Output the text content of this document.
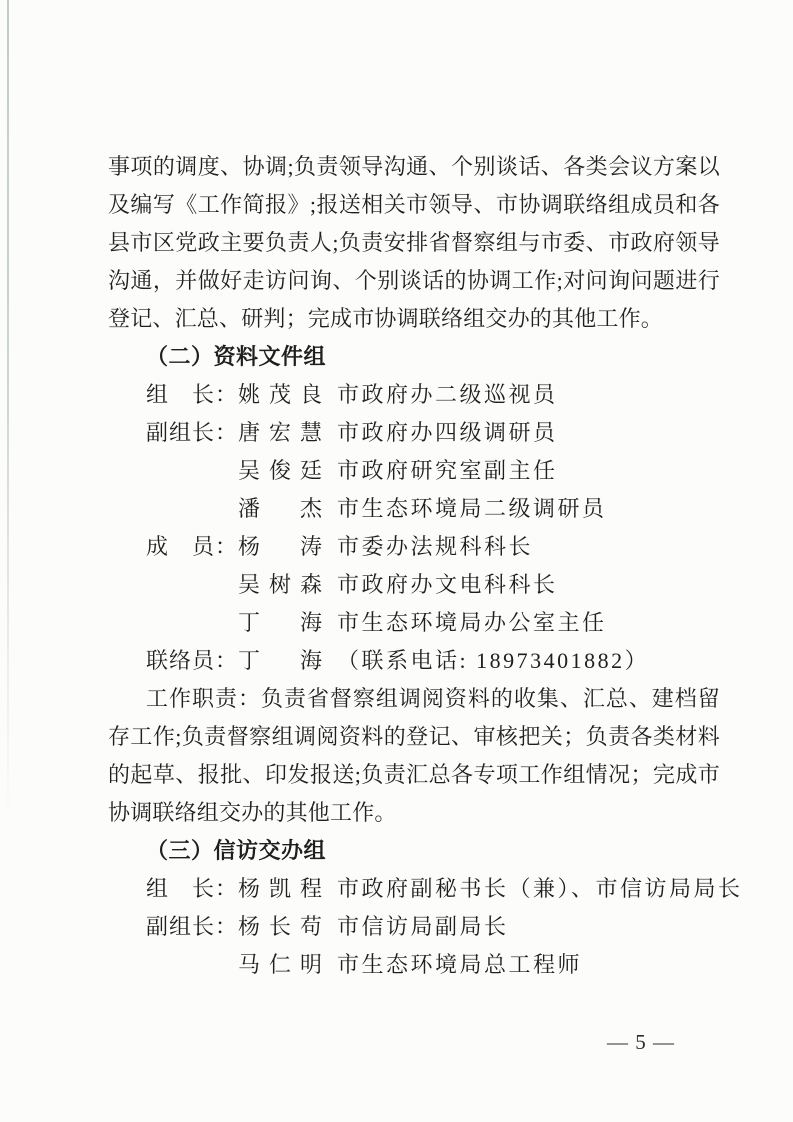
事项的调度、协调;负责领导沟通、个别谈话、各类会议方案以及编写《工作简报》;报送相关市领导、市协调联络组成员和各县市区党政主要负责人;负责安排省督察组与市委、市政府领导沟通，并做好走访问询、个别谈话的协调工作;对问询问题进行登记、汇总、研判；完成市协调联络组交办的其他工作。

（二）资料文件组
组　长： 姚茂良 市政府办二级巡视员
副组长： 唐宏慧 市政府办四级调研员
吴俊廷 市政府研究室副主任
潘　杰 市生态环境局二级调研员
成　员： 杨　涛 市委办法规科科长
吴树森 市政府办文电科科长
丁　海 市生态环境局办公室主任
联络员： 丁　海 （联系电话: 18973401882）

工作职责：负责省督察组调阅资料的收集、汇总、建档留存工作;负责督察组调阅资料的登记、审核把关；负责各类材料的起草、报批、印发报送;负责汇总各专项工作组情况；完成市协调联络组交办的其他工作。

（三）信访交办组
组　长： 杨凯程 市政府副秘书长（兼）、市信访局局长
副组长： 杨长苟 市信访局副局长
马仁明 市生态环境局总工程师
— 5 —
